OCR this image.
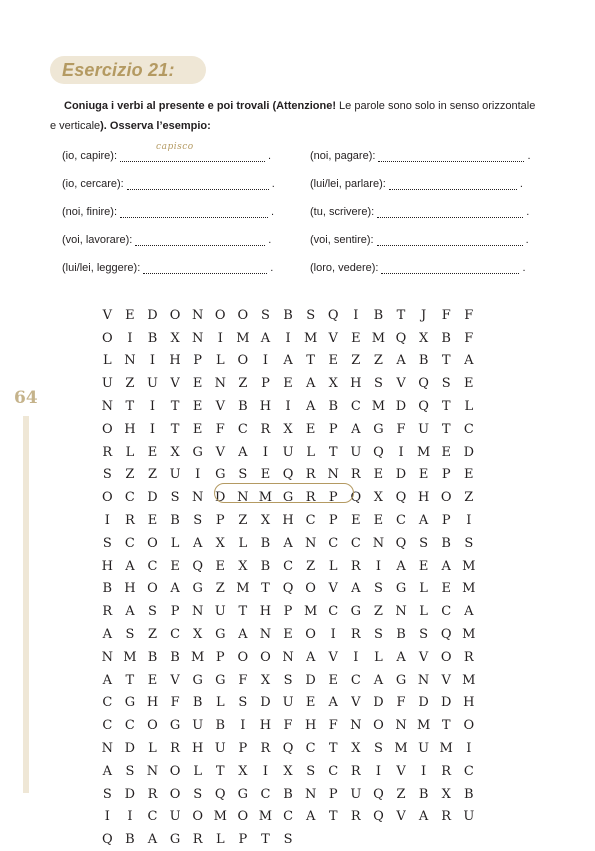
Esercizio 21:
Coniuga i verbi al presente e poi trovali (Attenzione! Le parole sono solo in senso orizzontale
e verticale). Osserva l’esempio:
(io, capire):
capisco
.
(io, cercare):	.
(noi, finire):	.
(voi, lavorare):	.
(lui/lei, leggere):	.
(noi, pagare):	.
(lui/lei, parlare):	.
(tu, scrivere):	.
(voi, sentire):	.
(loro, vedere):	.
64
V	E D O N O O S	B	S Q	I	B	T	J	F	F
O	I	B	X N	I	M A	I	M V	E M Q X	B	F
L N	I	H P	L O	I	A	T	E	Z	Z	A	B	T	A
U Z U V	E N Z	P	E	A	X H S	V Q S	E
N T	I	T	E	V	B H	I	A	B C M D Q T	L
O H	I	T	E	F	C R	X	E	P	A G F U T	C
R	L	E	X G V	A	I	U L	T U Q	I	M E D
S	Z	Z U	I	G S	E Q R N R E D E	P	E
O C D S N D N M G R	P Q X Q H O Z
I	R E	B	S	P	Z	X H C	P	E	E C A	P	I
S	C O L	A	X	L	B	A N C C N Q S	B	S
H A C E Q E	X	B C	Z	L	R	I	A	E	A M
B H O A G Z M T Q O V	A	S G	L	E M
R	A	S	P N U T H P M C G Z N L	C A
A	S	Z	C X G A N E O	I	R	S	B	S Q M
N M B	B M P O O N A	V	I	L	A	V O R
A	T	E	V G G F	X	S D E C A G N V M
C G H F	B	L	S D U E	A	V D F D D H
C C O G U B	I	H F H F N O N M T O
N D	L	R H U P	R Q C	T	X	S M U M	I
A	S N O L	T	X	I	X	S	C R	I	V	I	R C
S D R O S Q G C B N P U Q Z	B	X	B
I	I	C U O M O M C A	T	R Q V	A	R U
Q B	A G R	L	P	T	S
